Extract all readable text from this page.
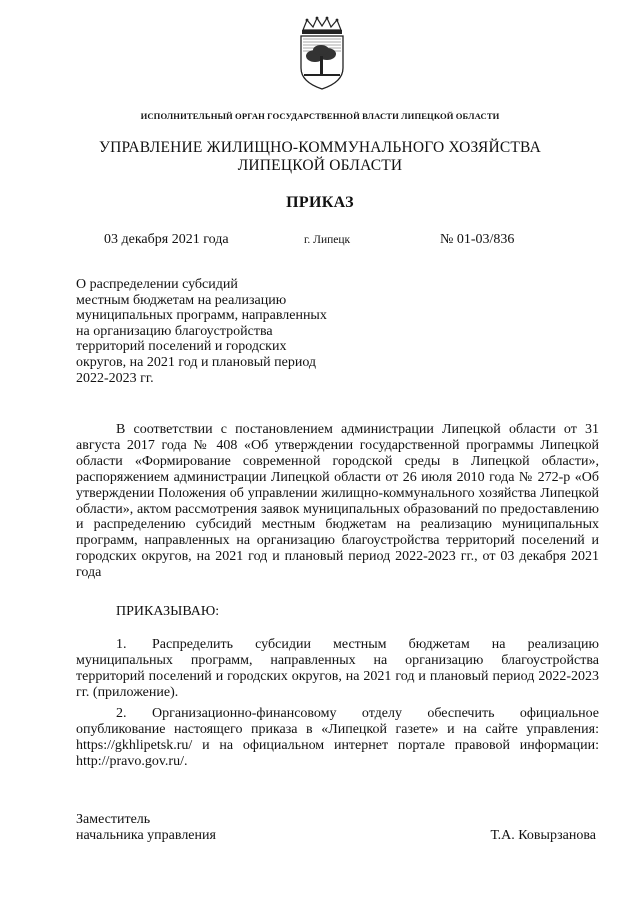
ИСПОЛНИТЕЛЬНЫЙ ОРГАН ГОСУДАРСТВЕННОЙ ВЛАСТИ ЛИПЕЦКОЙ ОБЛАСТИ
УПРАВЛЕНИЕ ЖИЛИЩНО-КОММУНАЛЬНОГО ХОЗЯЙСТВА
ЛИПЕЦКОЙ ОБЛАСТИ
ПРИКАЗ
03 декабря 2021 года	г. Липецк	№ 01-03/836
О распределении субсидий
местным бюджетам на реализацию
муниципальных программ, направленных
на организацию благоустройства
территорий поселений и городских
округов, на 2021 год и плановый период
2022-2023 гг.
В соответствии с постановлением администрации Липецкой области от 31 августа 2017 года № 408 «Об утверждении государственной программы Липецкой области «Формирование современной городской среды в Липецкой области», распоряжением администрации Липецкой области от 26 июля 2010 года № 272-р «Об утверждении Положения об управлении жилищно-коммунального хозяйства Липецкой области», актом рассмотрения заявок муниципальных образований по предоставлению и распределению субсидий местным бюджетам на реализацию муниципальных программ, направленных на организацию благоустройства территорий поселений и городских округов, на 2021 год и плановый период 2022-2023 гг., от 03 декабря 2021 года
ПРИКАЗЫВАЮ:
1. Распределить субсидии местным бюджетам на реализацию муниципальных программ, направленных на организацию благоустройства территорий поселений и городских округов, на 2021 год и плановый период 2022-2023 гг. (приложение).
2. Организационно-финансовому отделу обеспечить официальное опубликование настоящего приказа в «Липецкой газете» и на сайте управления: https://gkhlipetsk.ru/ и на официальном интернет портале правовой информации: http://pravo.gov.ru/.
Заместитель
начальника управления	Т.А. Ковырзанова
